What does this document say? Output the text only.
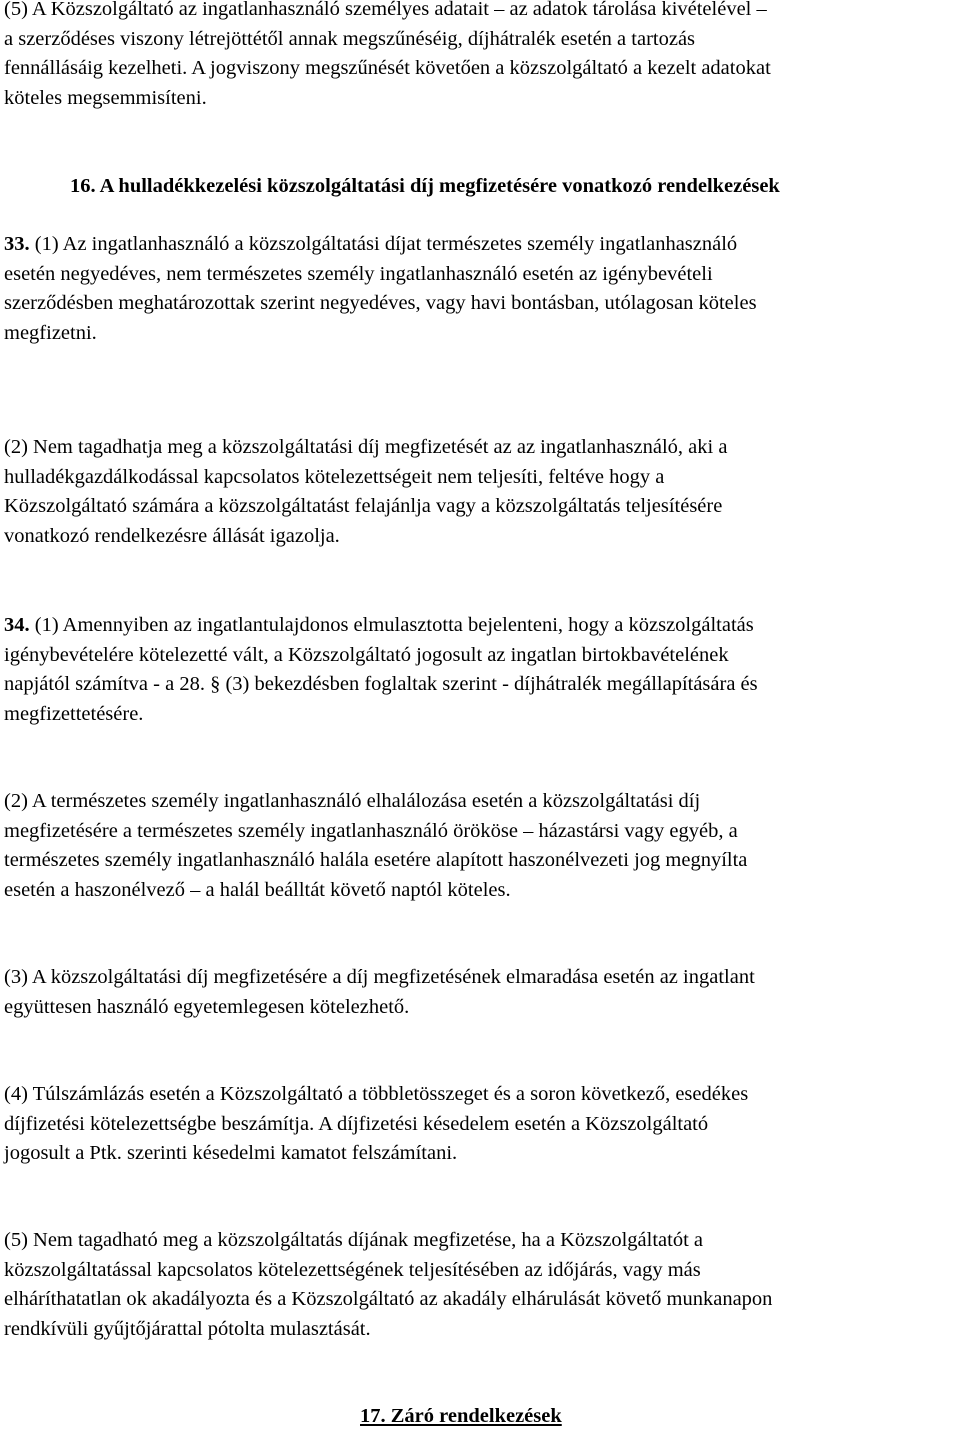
(5) A Közszolgáltató az ingatlanhasználó személyes adatait – az adatok tárolása kivételével –
a szerződéses viszony létrejöttétől annak megszűnéséig, díjhátralék esetén a tartozás
fennállásáig kezelheti. A jogviszony megszűnését követően a közszolgáltató a kezelt adatokat
köteles megsemmisíteni.

16. A hulladékkezelési közszolgáltatási díj megfizetésére vonatkozó rendelkezések

33. (1) Az ingatlanhasználó a közszolgáltatási díjat természetes személy ingatlanhasználó
esetén negyedéves, nem természetes személy ingatlanhasználó esetén az igénybevételi
szerződésben meghatározottak szerint negyedéves, vagy havi bontásban, utólagosan köteles
megfizetni.

(2) Nem tagadhatja meg a közszolgáltatási díj megfizetését az az ingatlanhasználó, aki a
hulladékgazdálkodással kapcsolatos kötelezettségeit nem teljesíti, feltéve hogy a
Közszolgáltató számára a közszolgáltatást felajánlja vagy a közszolgáltatás teljesítésére
vonatkozó rendelkezésre állását igazolja.

34. (1) Amennyiben az ingatlantulajdonos elmulasztotta bejelenteni, hogy a közszolgáltatás
igénybevételére kötelezetté vált, a Közszolgáltató jogosult az ingatlan birtokbavételének
napjától számítva - a 28. § (3) bekezdésben foglaltak szerint - díjhátralék megállapítására és
megfizettetésére.

(2) A természetes személy ingatlanhasználó elhalálozása esetén a közszolgáltatási díj
megfizetésére a természetes személy ingatlanhasználó örököse – házastársi vagy egyéb, a
természetes személy ingatlanhasználó halála esetére alapított haszonélvezeti jog megnyílta
esetén a haszonélvező – a halál beálltát követő naptól köteles.

(3) A közszolgáltatási díj megfizetésére a díj megfizetésének elmaradása esetén az ingatlant
együttesen használó egyetemlegesen kötelezhető.

(4) Túlszámlázás esetén a Közszolgáltató a többletösszeget és a soron következő, esedékes
díjfizetési kötelezettségbe beszámítja. A díjfizetési késedelem esetén a Közszolgáltató
jogosult a Ptk. szerinti késedelmi kamatot felszámítani.

(5) Nem tagadható meg a közszolgáltatás díjának megfizetése, ha a Közszolgáltatót a
közszolgáltatással kapcsolatos kötelezettségének teljesítésében az időjárás, vagy más
elháríthatatlan ok akadályozta és a Közszolgáltató az akadály elhárulását követő munkanapon
rendkívüli gyűjtőjárattal pótolta mulasztását.

17. Záró rendelkezések
